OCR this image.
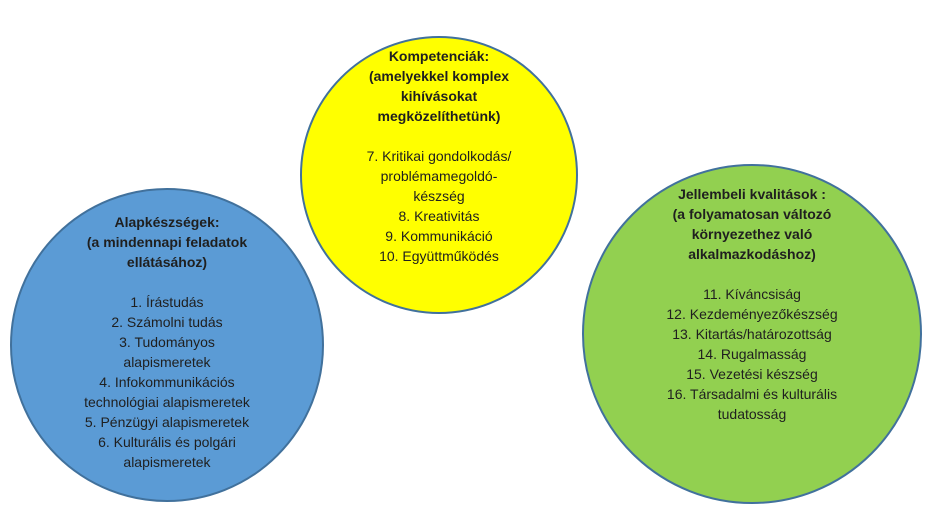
Kompetenciák:
(amelyekkel komplex
kihívásokat
megközelíthetünk)
7. Kritikai gondolkodás/
problémamegoldó-
készség
8. Kreativitás
9. Kommunikáció
10. Együttműködés
Alapkészségek:
(a mindennapi feladatok
ellátásához)
1. Írástudás
2. Számolni tudás
3. Tudományos
alapismeretek
4. Infokommunikációs
technológiai alapismeretek
5. Pénzügyi alapismeretek
6. Kulturális és polgári
alapismeretek
Jellembeli kvalitások :
(a folyamatosan változó
környezethez való
alkalmazkodáshoz)
11. Kíváncsiság
12. Kezdeményezőkészség
13. Kitartás/határozottság
14. Rugalmasság
15. Vezetési készség
16. Társadalmi és kulturális
tudatosság
